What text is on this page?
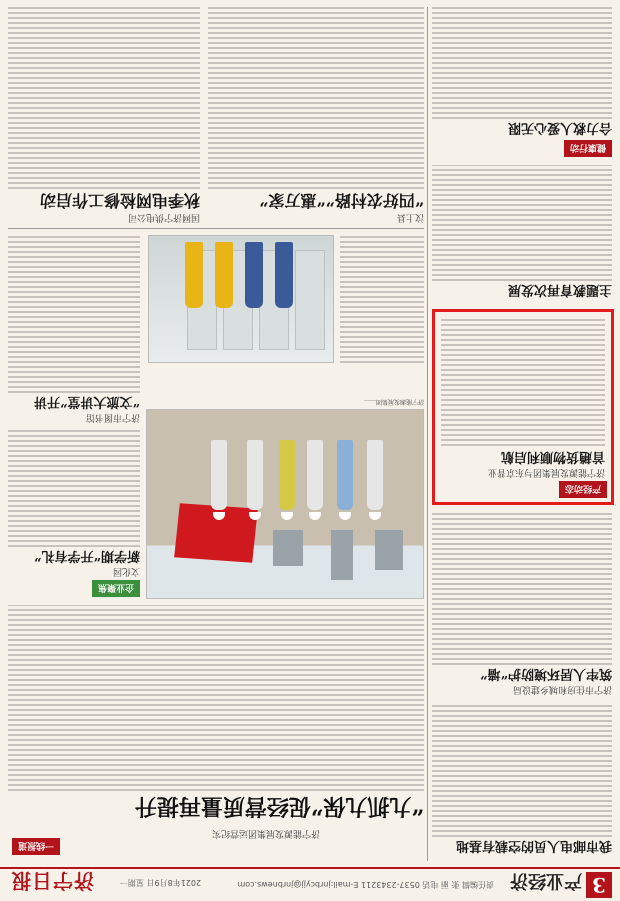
3
产业经济
责任编辑 张 丽 电话 0537-2343211 E-mail:jnrbcyjj@jnrbnews.com
2021年8月9日 星期一
济宁日报
一线报道
“九抓九保”促经营质量再提升
济宁能源发展集团运营纪实
济宁能源发展集团……
企业聚焦
文化园
新学期“开学有礼”
济宁市图书馆
“文旅大讲堂”开讲
国网济宁供电公司
秋季电网检修工作启动
汶上县
“四好农村路”“惠万家”
我市邮电人员的空载有基地
济宁市住房和城乡建设局
筑牢人居环境防护“墙”
产经动态
济宁能源发展集团与东京普业
首趟货物顺利启航
主题教育再次发展
健康行动
合力救人爱心无限
